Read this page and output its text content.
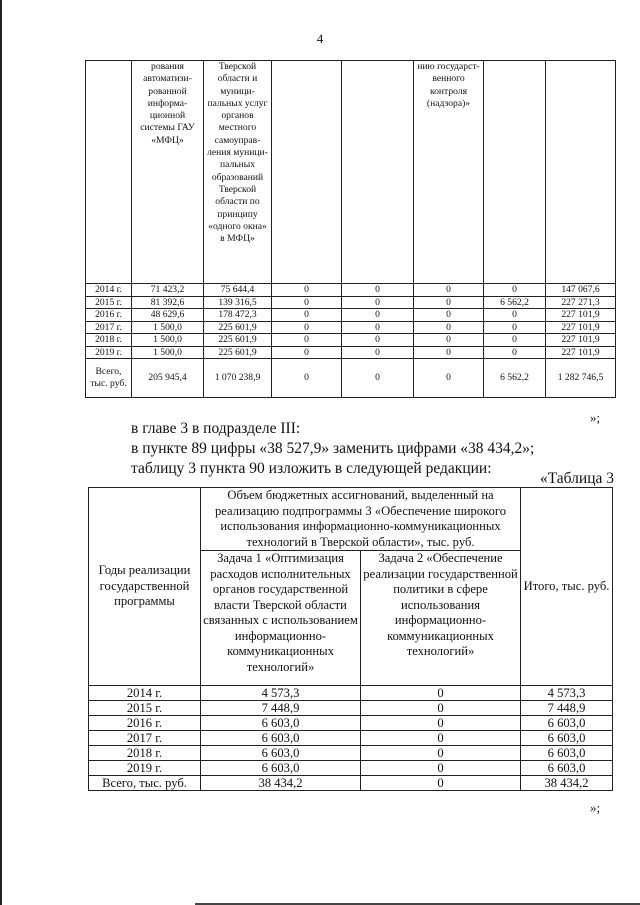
4
	рования автоматизи-рованной информа-ционной системы ГАУ «МФЦ»	Тверской области и муници-пальных услуг органов местного самоуправ-ления муници-пальных образований Тверской области по принципу «одного окна» в МФЦ»			нию государст-венного контроля (надзора)»		
2014 г.	71 423,2	75 644,4	0	0	0	0	147 067,6
2015 г.	81 392,6	139 316,5	0	0	0	6 562,2	227 271,3
2016 г.	48 629,6	178 472,3	0	0	0	0	227 101,9
2017 г.	1 500,0	225 601,9	0	0	0	0	227 101,9
2018 г.	1 500,0	225 601,9	0	0	0	0	227 101,9
2019 г.	1 500,0	225 601,9	0	0	0	0	227 101,9
Всего, тыс. руб.	205 945,4	1 070 238,9	0	0	0	6 562,2	1 282 746,5
»;
в главе 3 в подразделе III:
в пункте 89 цифры «38 527,9» заменить цифрами «38 434,2»;
таблицу 3 пункта 90 изложить в следующей редакции:
«Таблица 3
Годы реализации государственной программы	Объем бюджетных ассигнований, выделенный на реализацию подпрограммы 3 «Обеспечение широкого использования информационно-коммуникационных технологий в Тверской области», тыс. руб.		Итого, тыс. руб.
	Задача 1 «Оптимизация расходов исполнительных органов государственной власти Тверской области связанных с использованием информационно-коммуникационных технологий»	Задача 2 «Обеспечение реализации государственной политики в сфере использования информационно-коммуникационных технологий»	
2014 г.	4 573,3	0	4 573,3
2015 г.	7 448,9	0	7 448,9
2016 г.	6 603,0	0	6 603,0
2017 г.	6 603,0	0	6 603,0
2018 г.	6 603,0	0	6 603,0
2019 г.	6 603,0	0	6 603,0
Всего, тыс. руб.	38 434,2	0	38 434,2
»;
